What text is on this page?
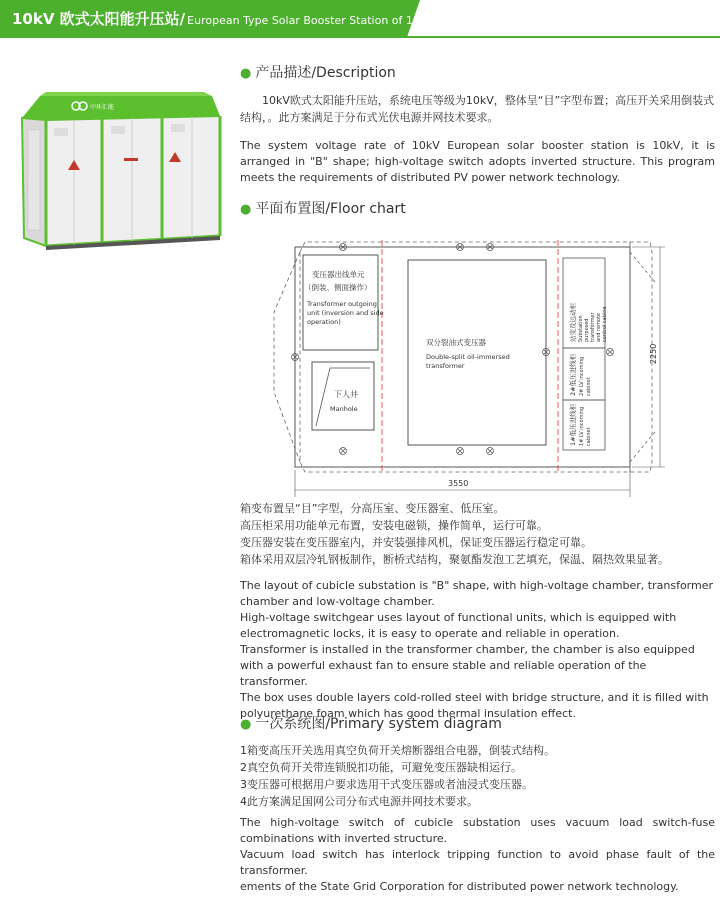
10kV 欧式太阳能升压站/ European Type Solar Booster Station of 10kV
中环汇能
● 产品描述/Description
10kV欧式太阳能升压站，系统电压等级为10kV，整体呈“目”字型布置；高压开关采用倒装式结构，。此方案满足于分布式光伏电源并网技术要求。
The system voltage rate of 10kV European solar booster station is 10kV, it is arranged in "B" shape; high-voltage switch adopts inverted structure. This program meets the requirements of distributed PV power network technology.
● 平面布置图/Floor chart
变压器出线单元
（倒装、侧面操作）
Transformer outgoing
unit (inversion and side
operation)
下人井
Manhole
双分裂油式变压器
Double-split oil-immersed
transformer
站变及远动柜 Substation purposed transformer and remote control cabine
2#低压进线柜 2# LV incoming cabinet
1#低压进线柜 1# LV incoming cabinet
3550
2250

箱变布置呈“目”字型，分高压室、变压器室、低压室。

高压柜采用功能单元布置，安装电磁锁，操作简单，运行可靠。

变压器安装在变压器室内，并安装强排风机，保证变压器运行稳定可靠。

箱体采用双层冷轧钢板制作，断桥式结构，聚氨酯发泡工艺填充，保温、隔热效果显著。

The layout of cubicle substation is "B" shape, with high-voltage chamber, transformer chamber and low-voltage chamber.

High-voltage switchgear uses layout of functional units, which is equipped with electromagnetic locks, it is easy to operate and reliable in operation.

Transformer is installed in the transformer chamber, the chamber is also equipped with a powerful exhaust fan to ensure stable and reliable operation of the transformer.

The box uses double layers cold-rolled steel with bridge structure, and it is filled with polyurethane foam which has good thermal insulation effect.

● 一次系统图/Primary system diagram

1箱变高压开关选用真空负荷开关熔断器组合电器，倒装式结构。

2真空负荷开关带连锁脱扣功能，可避免变压器缺相运行。

3变压器可根据用户要求选用干式变压器或者油浸式变压器。

4此方案满足国网公司分布式电源并网技术要求。

The high-voltage switch of cubicle substation uses vacuum load switch-fuse combinations with inverted structure.

Vacuum load switch has interlock tripping function to avoid phase fault of the transformer.

ements of the State Grid Corporation for distributed power network technology.
